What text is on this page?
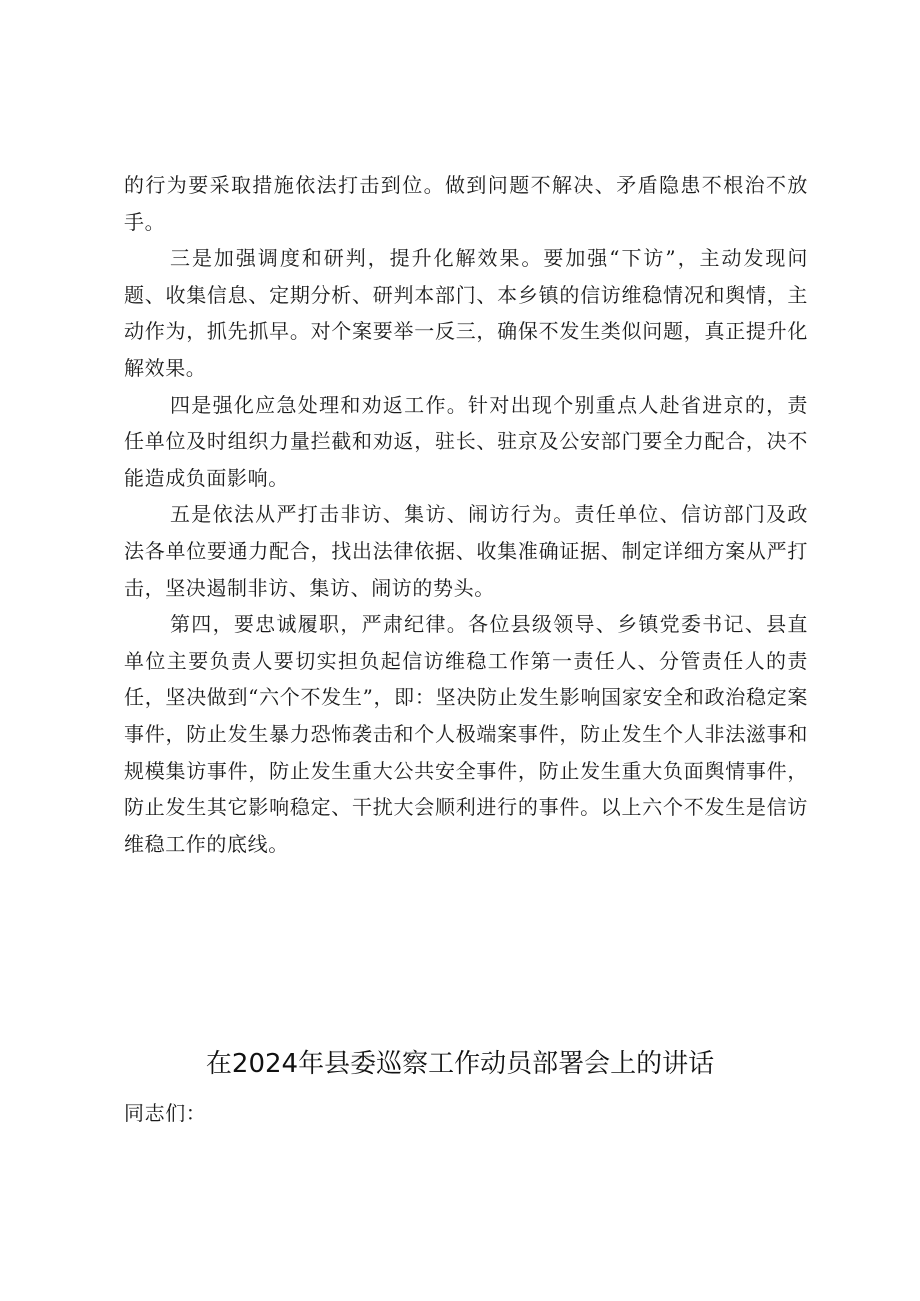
的行为要采取措施依法打击到位。做到问题不解决、矛盾隐患不根治不放手。

三是加强调度和研判，提升化解效果。要加强“下访”，主动发现问题、收集信息、定期分析、研判本部门、本乡镇的信访维稳情况和舆情，主动作为，抓先抓早。对个案要举一反三，确保不发生类似问题，真正提升化解效果。

四是强化应急处理和劝返工作。针对出现个别重点人赴省进京的，责任单位及时组织力量拦截和劝返，驻长、驻京及公安部门要全力配合，决不能造成负面影响。

五是依法从严打击非访、集访、闹访行为。责任单位、信访部门及政法各单位要通力配合，找出法律依据、收集准确证据、制定详细方案从严打击，坚决遏制非访、集访、闹访的势头。

第四，要忠诚履职，严肃纪律。各位县级领导、乡镇党委书记、县直单位主要负责人要切实担负起信访维稳工作第一责任人、分管责任人的责任，坚决做到“六个不发生”，即：坚决防止发生影响国家安全和政治稳定案事件，防止发生暴力恐怖袭击和个人极端案事件，防止发生个人非法滋事和规模集访事件，防止发生重大公共安全事件，防止发生重大负面舆情事件，防止发生其它影响稳定、干扰大会顺利进行的事件。以上六个不发生是信访维稳工作的底线。

在2024年县委巡察工作动员部署会上的讲话

同志们：
